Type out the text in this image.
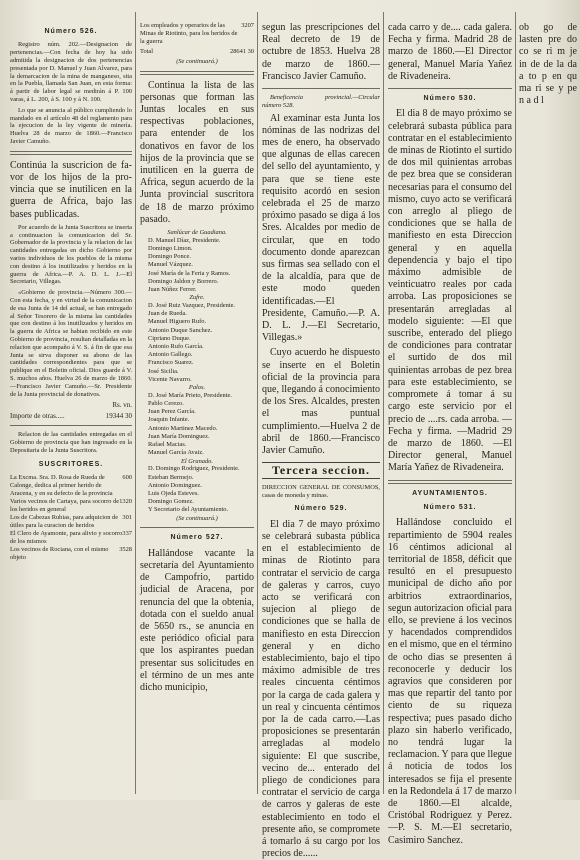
Número 526.

Registro núm. 202.—Designacion de pertenencias.—Con fecha de hoy ha sido admitida la designacion de dos pertenencias presentada por D. Manuel y Juan Alvarez, para la demarcacion de la mina de manganeso, sita en la Puebla, llamada San Juan, en esta forma: á partir de labor legal se medirán á P. 100 varas, á L. 200, á S. 100 y á N. 100.

Lo que se anuncia al público cumpliendo lo mandado en el artículo 48 del reglamento para la ejecucion de la ley vigente de minería. Huelva 28 de marzo de 1860.—Francisco Javier Camuño.

Continúa la suscricion de fa- vor de los hijos de la pro- vincia que se inutilicen en la guerra de Africa, bajo las bases publicadas.

Por acuerdo de la Junta Suscritora se inserta a continuacion la comunicacion del Sr. Gobernador de la provincia y la relacion de las cantidades entregadas en dicho Gobierno por varios individuos de los pueblos de la misma con destino á los inutilizados y heridos en la guerra de Africa.—P. A. D. L. J.—El Secretario, Villegas.

«Gobierno de provincia.—Número 300.—Con esta fecha, y en virtud de la comunicacion de esa Junta de 14 del actual, se han entregado al Señor Tesorero de la misma las cantidades que con destino á los inutilizados y heridos en la guerra de Africa se habian recibido en este Gobierno de provincia, resultan detalladas en la relacion que acompaño á V. S. á fin de que esa Junta se sirva disponer su abono de las cantidades correspondientes para que se publique en el Boletin oficial. Dios guarde á V. S. muchos años. Huelva 26 de marzo de 1860.—Francisco Javier Camuño.—Sr. Presidente de la Junta provincial de donativos.

Rs. vn.
Importe de otras.....	19344 30

Relacion de las cantidades entregadas en el Gobierno de provincia que han ingresado en la Depositaria de la Junta Suscritora.

SUSCRITORES.
La Excma. Sra. D. Rosa de Rueda de Calonge, dedica al primer herido de Aracena, y en su defecto de la provincia
600
Varios vecinos de Cartaya, para socorro de los heridos en general
1320
Los de Cabezas Rubias, para adquicion de útiles para la curacion de heridos
301
El Clero de Ayamonte, para alivio y socorro de los mismos
337
Los vecinos de Rociana, con el mismo objeto
3528
Los empleados y operarios de las Minas de Riotinto, para los heridos de la guerra
3207
Total	28641 30
(Se continuará.)

Continua la lista de las personas que forman las Juntas locales en sus respectivas poblaciones, para entender de los donativos en favor de los hijos de la provincia que se inutilicen en la guerra de Africa, segun acuerdo de la Junta provincial suscritora de 18 de marzo próximo pasado.

Sanlúcar de Guadiana.
D. Manuel Díaz, Presidente.
Domingo Limon.
Domingo Ponce.
Manuel Vázquez.
José María de la Feria y Ramos.
Domingo Jaldon y Borrero.
Juan Núñez Ferrer.
Zufre.
D. José Ruiz Vazquez, Presidente.
Juan de Rueda.
Manuel Higuero Rufo.
Antonio Duque Sanchez.
Cipriano Duque.
Antonio Rufo García.
Antonio Gallego.
Francisco Suarez.
José Sicilia.
Vicente Navarro.
Palos.
D. José María Prieto, Presidente.
Pablo Cerezo.
Juan Perez García.
Joaquin Infante.
Antonio Martinez Macedo.
Juan María Dominguez.
Rafael Macias.
Manuel García Avaiz.
El Granado.
D. Domingo Rodriguez, Presidente.
Esteban Bermejo.
Antonio Dominguez.
Luis Ojeda Esteves.
Domingo Gomez.
Y Secretario del Ayuntamiento.
(Se continuará.)
Número 527.

Hallándose vacante la secretaría del Ayuntamiento de Campofrio, partido judicial de Aracena, por renuncia del que la obtenia, dotada con el sueldo anual de 5650 rs., se anuncia en este periódico oficial para que los aspirantes puedan presentar sus solicitudes en el término de un mes ante dicho municipio,

segun las prescripciones del Real decreto de 19 de octubre de 1853. Huelva 28 de marzo de 1860.—Francisco Javier Camuño.

Beneficencia provincial.—Circular número 528.

Al examinar esta Junta los nóminas de las nodrizas del mes de enero, ha observado que algunas de ellas carecen del sello del ayuntamiento, y para que se tiene este requisito acordó en sesion celebrada el 25 de marzo próximo pasado se diga á los Sres. Alcaldes por medio de circular, que en todo documento donde aparezcan sus firmas sea sellado con el de la alcaldía, para que de este modo queden identificadas.—El Presidente, Camuño.—P. A. D. L. J.—El Secretario, Villegas.»

Cuyo acuerdo he dispuesto se inserte en el Boletin oficial de la provincia para que, llegando á conocimiento de los Sres. Alcaldes, presten el mas puntual cumplimiento.—Huelva 2 de abril de 1860.—Francisco Javier Camuño.

Tercera seccion.

DIRECCION GENERAL DE CONSUMOS, casas de moneda y minas.

Número 529.

El dia 7 de mayo próximo se celebrará subasta pública en el establecimiento de minas de Riotinto para contratar el servicio de carga de galeras y carros, cuyo acto se verificará con sujecion al pliego de condiciones que se halla de manifiesto en esta Direccion general y en dicho establecimiento, bajo el tipo máximo admisible de tres reales cincuenta céntimos por la carga de cada galera y un real y cincuenta céntimos por la de cada carro.—Las proposiciones se presentarán arregladas al modelo siguiente: El que suscribe, vecino de... enterado del pliego de condiciones para contratar el servicio de carga de carros y galeras de este establecimiento en todo el presente año, se compromete á tomarlo á su cargo por los precios de......

cada carro y de.... cada galera. Fecha y firma. Madrid 28 de marzo de 1860.—El Director general, Manuel María Yañez de Rivadeneira.

Número 530.

El dia 8 de mayo próximo se celebrará subasta pública para contratar en el establecimiento de minas de Riotinto el surtido de dos mil quinientas arrobas de pez brea que se consideran necesarias para el consumo del mismo, cuyo acto se verificará con arreglo al pliego de condiciones que se halla de manifiesto en esta Direccion general y en aquella dependencia y bajo el tipo máximo admisible de veinticuatro reales por cada arroba. Las proposiciones se presentarán arregladas al modelo siguiente: —El que suscribe, enterado del pliego de condiciones para contratar el surtido de dos mil quinientas arrobas de pez brea para este establecimiento, se compromete á tomar á su cargo este servicio por el precio de ....rs. cada arroba. —Fecha y firma. —Madrid 29 de marzo de 1860. —El Director general, Manuel María Yañez de Rivadeneira.

AYUNTAMIENTOS.
Número 531.

Hallándose concluido el repartimiento de 5904 reales 16 céntimos adicional al territorial de 1858, déficit que resultó en el presupuesto municipal de dicho año por arbitrios extraordinarios, segun autorizacion oficial para ello, se previene á los vecinos y hacendados comprendidos en el mismo, que en el término de ocho dias se presenten á reconocerle y deducir los agravios que consideren por mas que repartir del tanto por ciento de su riqueza respectiva; pues pasado dicho plazo sin haberlo verificado, no tendrá lugar la reclamacion. Y para que llegue á noticia de todos los interesados se fija el presente en la Redondela á 17 de marzo de 1860.—El alcalde, Cristóbal Rodriguez y Perez.—P. S. M.—El secretario, Casimiro Sanchez.

ob go de lasten pre do co se ri m je in de de la da a to p en qu ma ri se y pe n a d l
